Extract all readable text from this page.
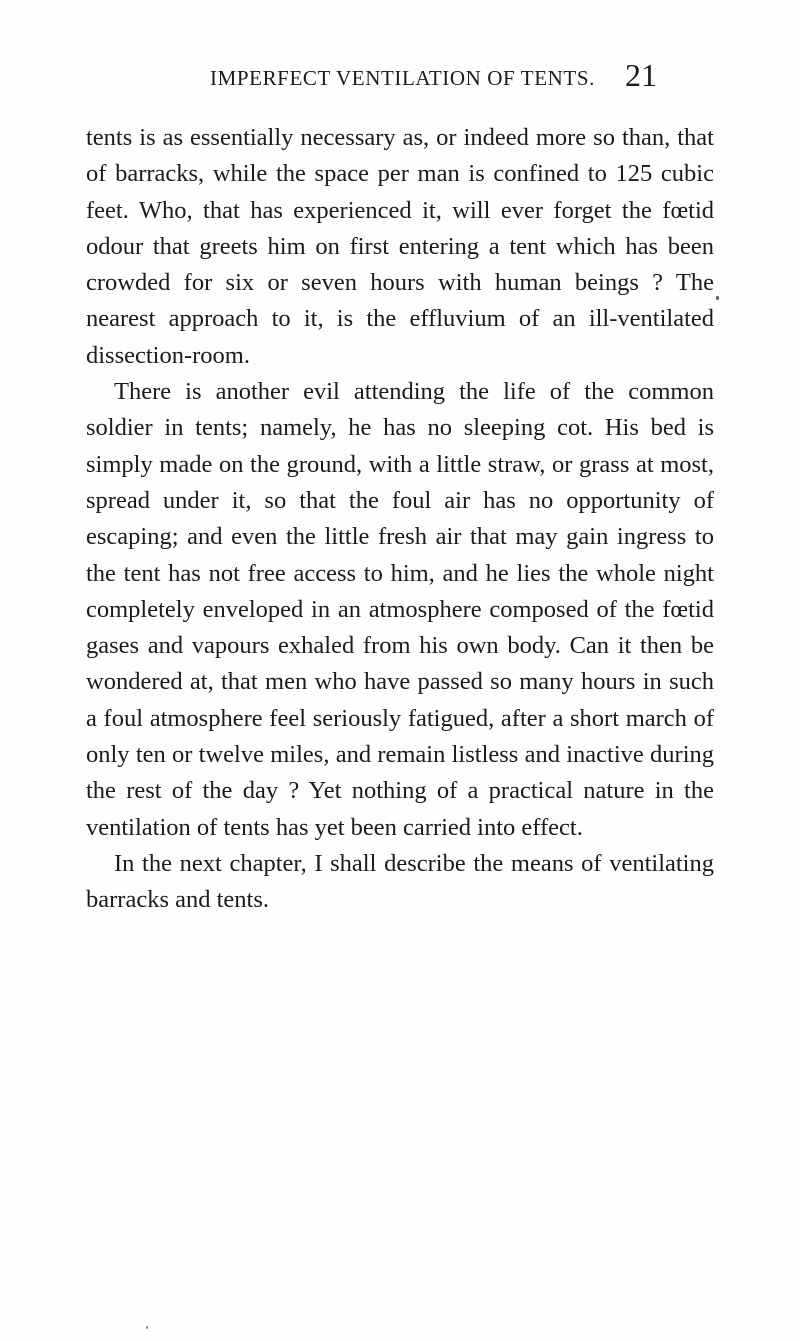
IMPERFECT VENTILATION OF TENTS. 21

tents is as essentially necessary as, or indeed more so than, that of barracks, while the space per man is confined to 125 cubic feet. Who, that has experienced it, will ever forget the fœtid odour that greets him on first entering a tent which has been crowded for six or seven hours with human beings ? The nearest approach to it, is the effluvium of an ill-ventilated dissection-room.

There is another evil attending the life of the common soldier in tents; namely, he has no sleeping cot. His bed is simply made on the ground, with a little straw, or grass at most, spread under it, so that the foul air has no opportunity of escaping; and even the little fresh air that may gain ingress to the tent has not free access to him, and he lies the whole night completely enveloped in an atmosphere composed of the fœtid gases and vapours exhaled from his own body. Can it then be wondered at, that men who have passed so many hours in such a foul atmosphere feel seriously fatigued, after a short march of only ten or twelve miles, and remain listless and inactive during the rest of the day ? Yet nothing of a practical nature in the ventilation of tents has yet been carried into effect.

In the next chapter, I shall describe the means of ventilating barracks and tents.
